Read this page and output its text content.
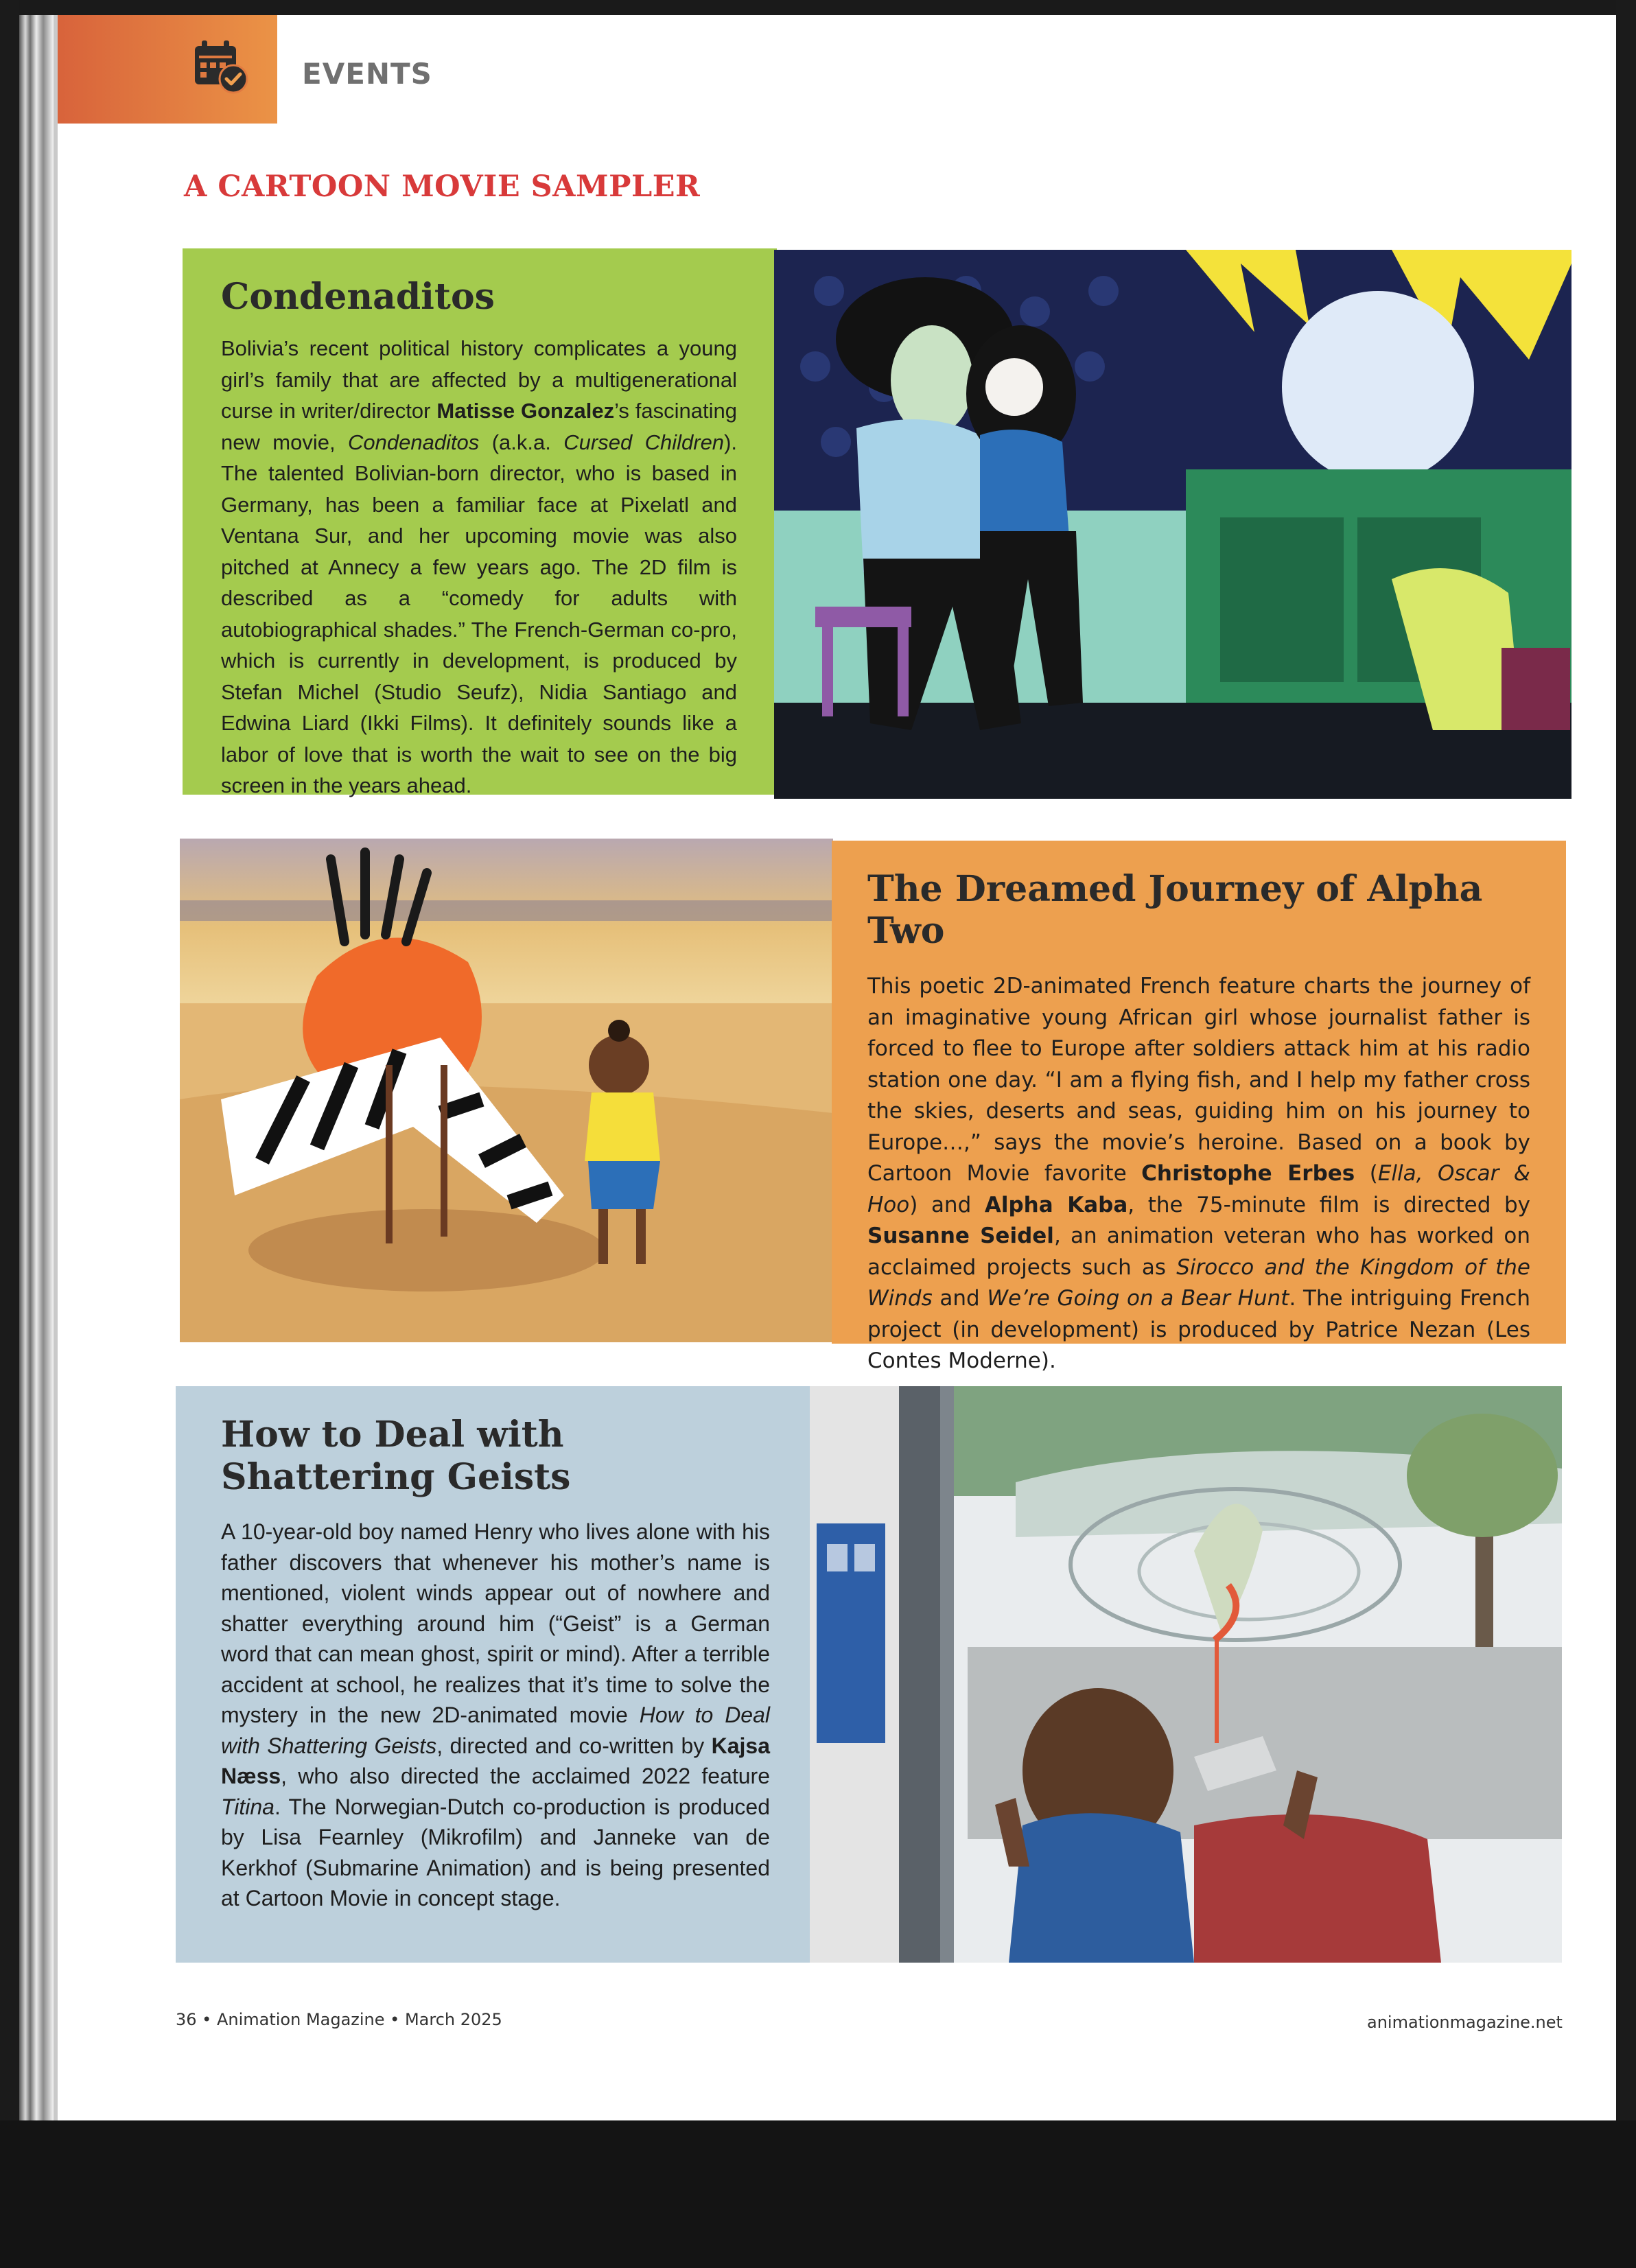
EVENTS
A CARTOON MOVIE SAMPLER
Condenaditos
Bolivia’s recent political history complicates a young girl’s family that are affected by a multigenerational curse in writer/director Matisse Gonzalez’s fascinating new movie, Condenaditos (a.k.a. Cursed Children). The talented Bolivian-born director, who is based in Germany, has been a familiar face at Pixelatl and Ventana Sur, and her upcoming movie was also pitched at Annecy a few years ago. The 2D film is described as a “comedy for adults with autobiographical shades.” The French-German co-pro, which is currently in development, is produced by Stefan Michel (Studio Seufz), Nidia Santiago and Edwina Liard (Ikki Films). It definitely sounds like a labor of love that is worth the wait to see on the big screen in the years ahead.
The Dreamed Journey of Alpha Two
This poetic 2D-animated French feature charts the journey of an imaginative young African girl whose journalist father is forced to flee to Europe after soldiers attack him at his radio station one day. “I am a flying fish, and I help my father cross the skies, deserts and seas, guiding him on his journey to Europe…,” says the movie’s heroine. Based on a book by Cartoon Movie favorite Christophe Erbes (Ella, Oscar & Hoo) and Alpha Kaba, the 75-minute film is directed by Susanne Seidel, an animation veteran who has worked on acclaimed projects such as Sirocco and the Kingdom of the Winds and We’re Going on a Bear Hunt. The intriguing French project (in development) is produced by Patrice Nezan (Les Contes Moderne).
How to Deal with Shattering Geists
A 10-year-old boy named Henry who lives alone with his father discovers that whenever his mother’s name is mentioned, violent winds appear out of nowhere and shatter everything around him (“Geist” is a German word that can mean ghost, spirit or mind). After a terrible accident at school, he realizes that it’s time to solve the mystery in the new 2D-animated movie How to Deal with Shattering Geists, directed and co-written by Kajsa Næss, who also directed the acclaimed 2022 feature Titina. The Norwegian-Dutch co-production is produced by Lisa Fearnley (Mikrofilm) and Janneke van de Kerkhof (Submarine Animation) and is being presented at Cartoon Movie in concept stage.
36 • Animation Magazine • March 2025	animationmagazine.net
